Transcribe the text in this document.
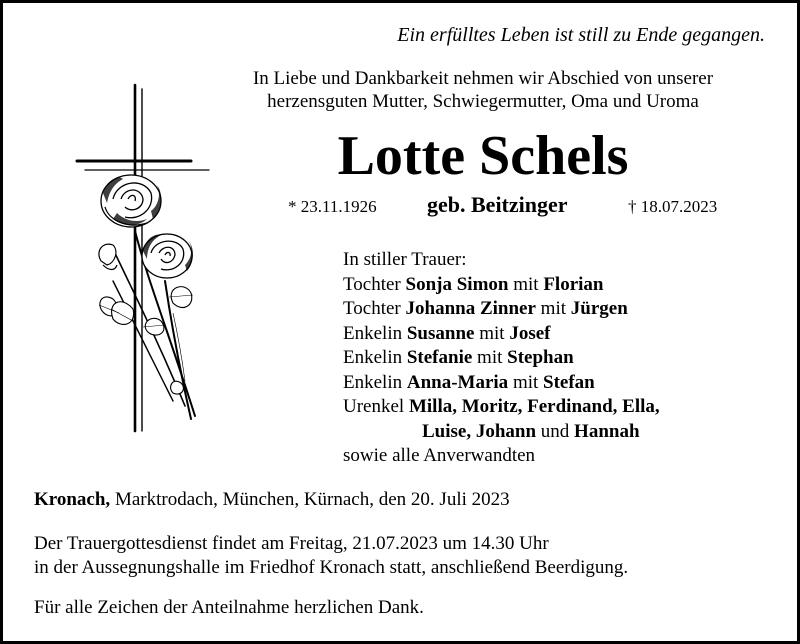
Ein erfülltes Leben ist still zu Ende gegangen.
In Liebe und Dankbarkeit nehmen wir Abschied von unserer
herzensguten Mutter, Schwiegermutter, Oma und Uroma
Lotte Schels
* 23.11.1926 geb. Beitzinger	† 18.07.2023
In stiller Trauer:
Tochter Sonja Simon mit Florian
Tochter Johanna Zinner mit Jürgen
Enkelin Susanne mit Josef
Enkelin Stefanie mit Stephan
Enkelin Anna-Maria mit Stefan
Urenkel Milla, Moritz, Ferdinand, Ella,
Luise, Johann und Hannah
sowie alle Anverwandten
Kronach, Marktrodach, München, Kürnach, den 20. Juli 2023
Der Trauergottesdienst findet am Freitag, 21.07.2023 um 14.30 Uhr
in der Aussegnungshalle im Friedhof Kronach statt, anschließend Beerdigung.
Für alle Zeichen der Anteilnahme herzlichen Dank.
